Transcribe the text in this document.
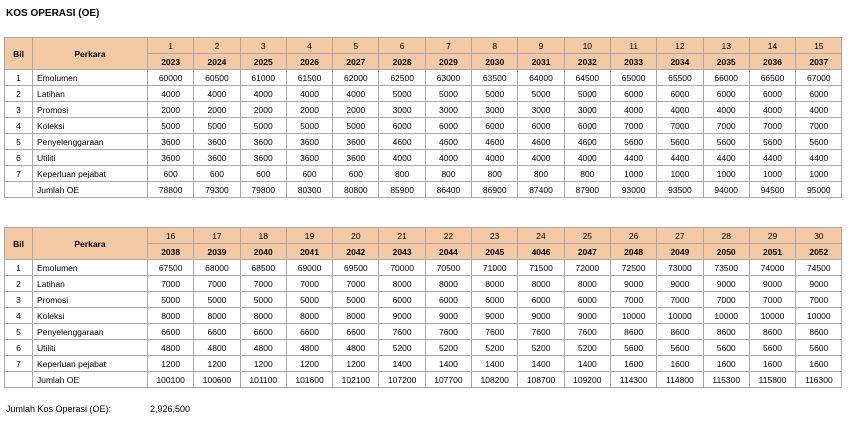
KOS OPERASI (OE)
Bil	Perkara	1	2	3	4	5	6	7	8	9	10	11	12	13	14	15
		2023	2024	2025	2026	2027	2028	2029	2030	2031	2032	2033	2034	2035	2036	2037
1	Emolumen	60000	60500	61000	61500	62000	62500	63000	63500	64000	64500	65000	65500	66000	66500	67000
2	Latihan	4000	4000	4000	4000	4000	5000	5000	5000	5000	5000	6000	6000	6000	6000	6000
3	Promosi	2000	2000	2000	2000	2000	3000	3000	3000	3000	3000	4000	4000	4000	4000	4000
4	Koleksi	5000	5000	5000	5000	5000	6000	6000	6000	6000	6000	7000	7000	7000	7000	7000
5	Penyelenggaraan	3600	3600	3600	3600	3600	4600	4600	4600	4600	4600	5600	5600	5600	5600	5600
6	Utiliti	3600	3600	3600	3600	3600	4000	4000	4000	4000	4000	4400	4400	4400	4400	4400
7	Keperluan pejabat	600	600	600	600	600	800	800	800	800	800	1000	1000	1000	1000	1000
	Jumlah OE	78800	79300	79800	80300	80800	85900	86400	86900	87400	87900	93000	93500	94000	94500	95000
Bil	Perkara	16	17	18	19	20	21	22	23	24	25	26	27	28	29	30
		2038	2039	2040	2041	2042	2043	2044	2045	4046	2047	2048	2049	2050	2051	2052
1	Emolumen	67500	68000	68500	69000	69500	70000	70500	71000	71500	72000	72500	73000	73500	74000	74500
2	Latihan	7000	7000	7000	7000	7000	8000	8000	8000	8000	8000	9000	9000	9000	9000	9000
3	Promosi	5000	5000	5000	5000	5000	6000	6000	6000	6000	6000	7000	7000	7000	7000	7000
4	Koleksi	8000	8000	8000	8000	8000	9000	9000	9000	9000	9000	10000	10000	10000	10000	10000
5	Penyelenggaraan	6600	6600	6600	6600	6600	7600	7600	7600	7600	7600	8600	8600	8600	8600	8600
6	Utiliti	4800	4800	4800	4800	4800	5200	5200	5200	5200	5200	5600	5600	5600	5600	5600
7	Keperluan pejabat	1200	1200	1200	1200	1200	1400	1400	1400	1400	1400	1600	1600	1600	1600	1600
	Jumlah OE	100100	100600	101100	101600	102100	107200	107700	108200	108700	109200	114300	114800	115300	115800	116300
Jumlah Kos Operasi (OE):	2,926,500
